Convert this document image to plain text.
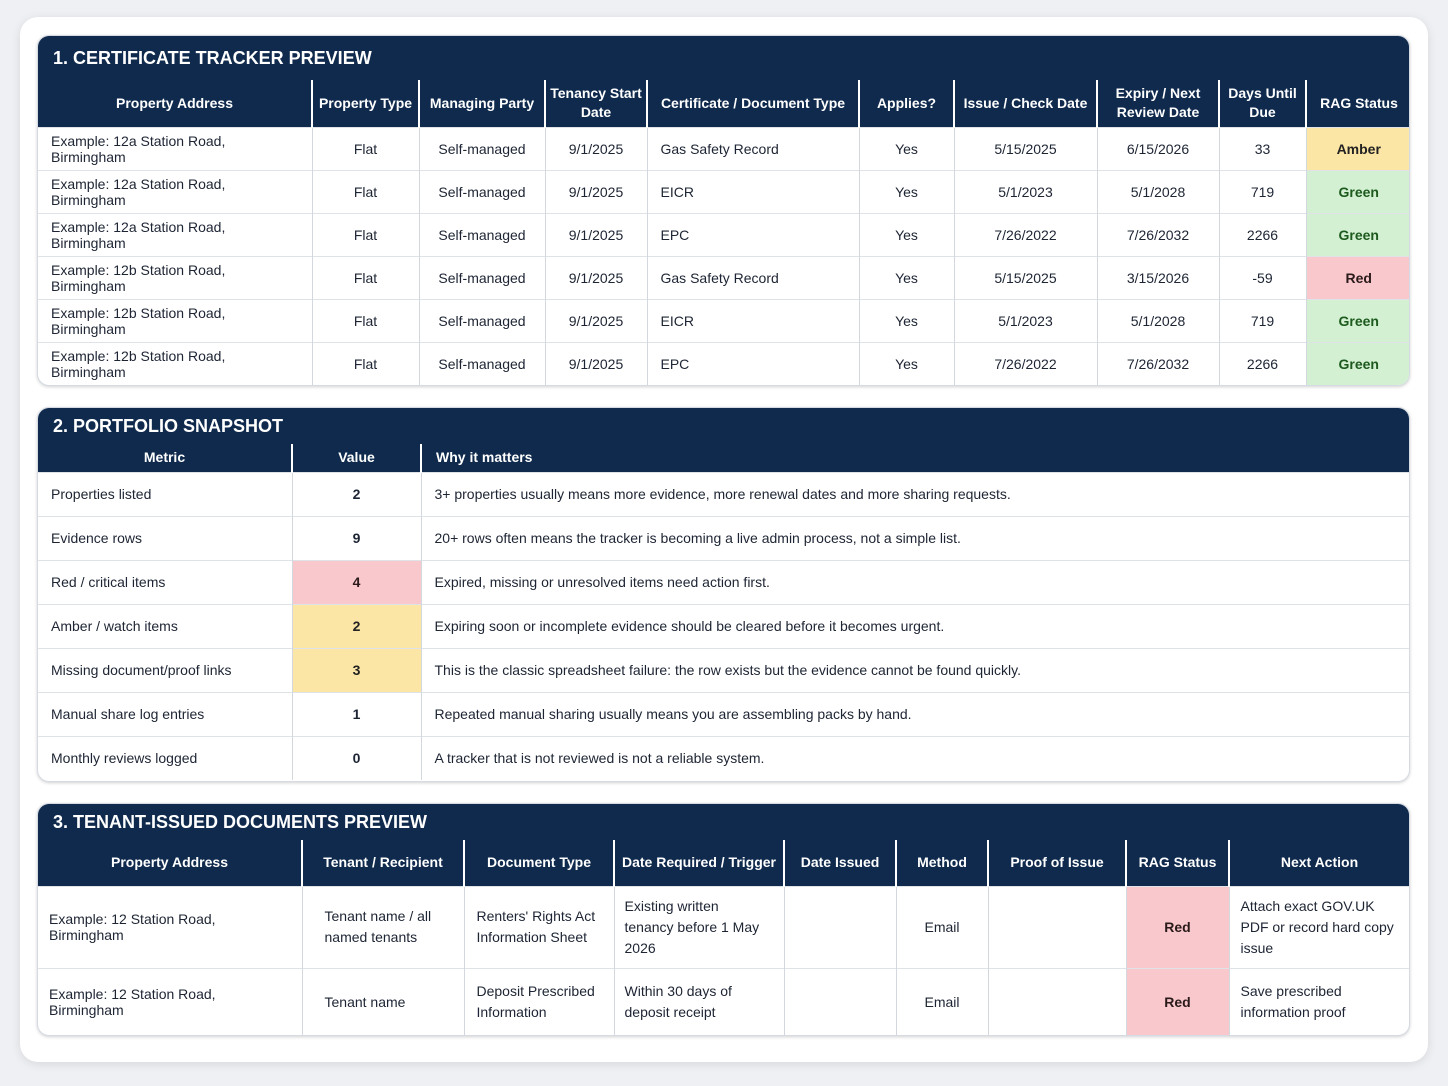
1. CERTIFICATE TRACKER PREVIEW
Property Address	Property Type	Managing Party	Tenancy Start Date	Certificate / Document Type	Applies?	Issue / Check Date	Expiry / Next Review Date	Days Until Due	RAG Status
Example: 12a Station Road, Birmingham	Flat	Self-managed	9/1/2025	Gas Safety Record	Yes	5/15/2025	6/15/2026	33	Amber
Example: 12a Station Road, Birmingham	Flat	Self-managed	9/1/2025	EICR	Yes	5/1/2023	5/1/2028	719	Green
Example: 12a Station Road, Birmingham	Flat	Self-managed	9/1/2025	EPC	Yes	7/26/2022	7/26/2032	2266	Green
Example: 12b Station Road, Birmingham	Flat	Self-managed	9/1/2025	Gas Safety Record	Yes	5/15/2025	3/15/2026	-59	Red
Example: 12b Station Road, Birmingham	Flat	Self-managed	9/1/2025	EICR	Yes	5/1/2023	5/1/2028	719	Green
Example: 12b Station Road, Birmingham	Flat	Self-managed	9/1/2025	EPC	Yes	7/26/2022	7/26/2032	2266	Green
2. PORTFOLIO SNAPSHOT
Metric	Value	Why it matters
Properties listed	2	3+ properties usually means more evidence, more renewal dates and more sharing requests.
Evidence rows	9	20+ rows often means the tracker is becoming a live admin process, not a simple list.
Red / critical items	4	Expired, missing or unresolved items need action first.
Amber / watch items	2	Expiring soon or incomplete evidence should be cleared before it becomes urgent.
Missing document/proof links	3	This is the classic spreadsheet failure: the row exists but the evidence cannot be found quickly.
Manual share log entries	1	Repeated manual sharing usually means you are assembling packs by hand.
Monthly reviews logged	0	A tracker that is not reviewed is not a reliable system.
3. TENANT-ISSUED DOCUMENTS PREVIEW
Property Address	Tenant / Recipient	Document Type	Date Required / Trigger	Date Issued	Method	Proof of Issue	RAG Status	Next Action
Example: 12 Station Road, Birmingham	Tenant name / all named tenants	Renters' Rights Act Information Sheet	Existing written tenancy before 1 May 2026		Email		Red	Attach exact GOV.UK PDF or record hard copy issue
Example: 12 Station Road, Birmingham	Tenant name	Deposit Prescribed Information	Within 30 days of deposit receipt		Email		Red	Save prescribed information proof
